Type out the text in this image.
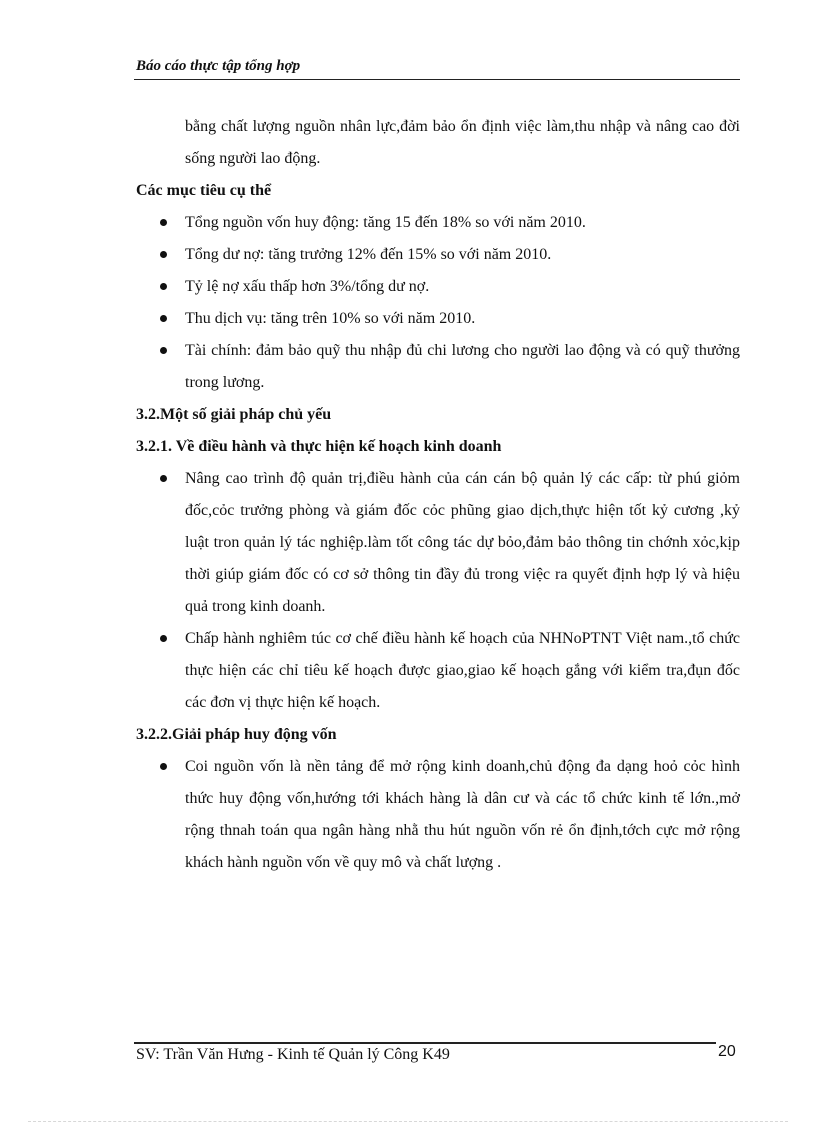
Báo cáo thực tập tổng hợp

bằng chất lượng nguồn nhân lực,đảm bảo ổn định việc làm,thu nhập và nâng cao đời sống người lao động.

Các mục tiêu cụ thể

Tổng nguồn vốn huy động: tăng 15 đến 18% so với năm 2010.
Tổng dư nợ: tăng trưởng 12% đến 15% so với năm 2010.
Tỷ lệ nợ xấu thấp hơn 3%/tổng dư nợ.
Thu dịch vụ: tăng trên 10% so với năm 2010.
Tài chính: đảm bảo quỹ thu nhập đủ chi lương cho người lao động và có quỹ thưởng trong lương.

3.2.Một số giải pháp chủ yếu

3.2.1. Về điều hành và thực hiện kế hoạch kinh doanh

Nâng cao trình độ quản trị,điều hành của cán cán bộ quản lý các cấp: từ phú giỏm đốc,cỏc trưởng phòng và giám đốc cỏc phũng giao dịch,thực hiện tốt kỷ cương ,kỷ luật tron quản lý tác nghiệp.làm tốt công tác dự bỏo,đảm bảo thông tin chớnh xỏc,kịp thời giúp giám đốc có cơ sở thông tin đầy đủ trong việc ra quyết định hợp lý và hiệu quả trong kinh doanh.
Chấp hành nghiêm túc cơ chế điều hành kế hoạch của NHNoPTNT Việt nam.,tổ chức thực hiện các chỉ tiêu kế hoạch được giao,giao kế hoạch gắng với kiểm tra,đụn đốc các đơn vị thực hiện kế hoạch.

3.2.2.Giải pháp huy động vốn

Coi nguồn vốn là nền tảng để mở rộng kinh doanh,chủ động đa dạng hoỏ cỏc hình thức huy động vốn,hướng tới khách hàng là dân cư và các tổ chức kinh tế lớn.,mở rộng thnah toán qua ngân hàng nhằ thu hút nguồn vốn rẻ ổn định,tớch cực mở rộng khách hành nguồn vốn về quy mô và chất lượng .
SV: Trần Văn Hưng - Kinh tế Quản lý Công K49	20
